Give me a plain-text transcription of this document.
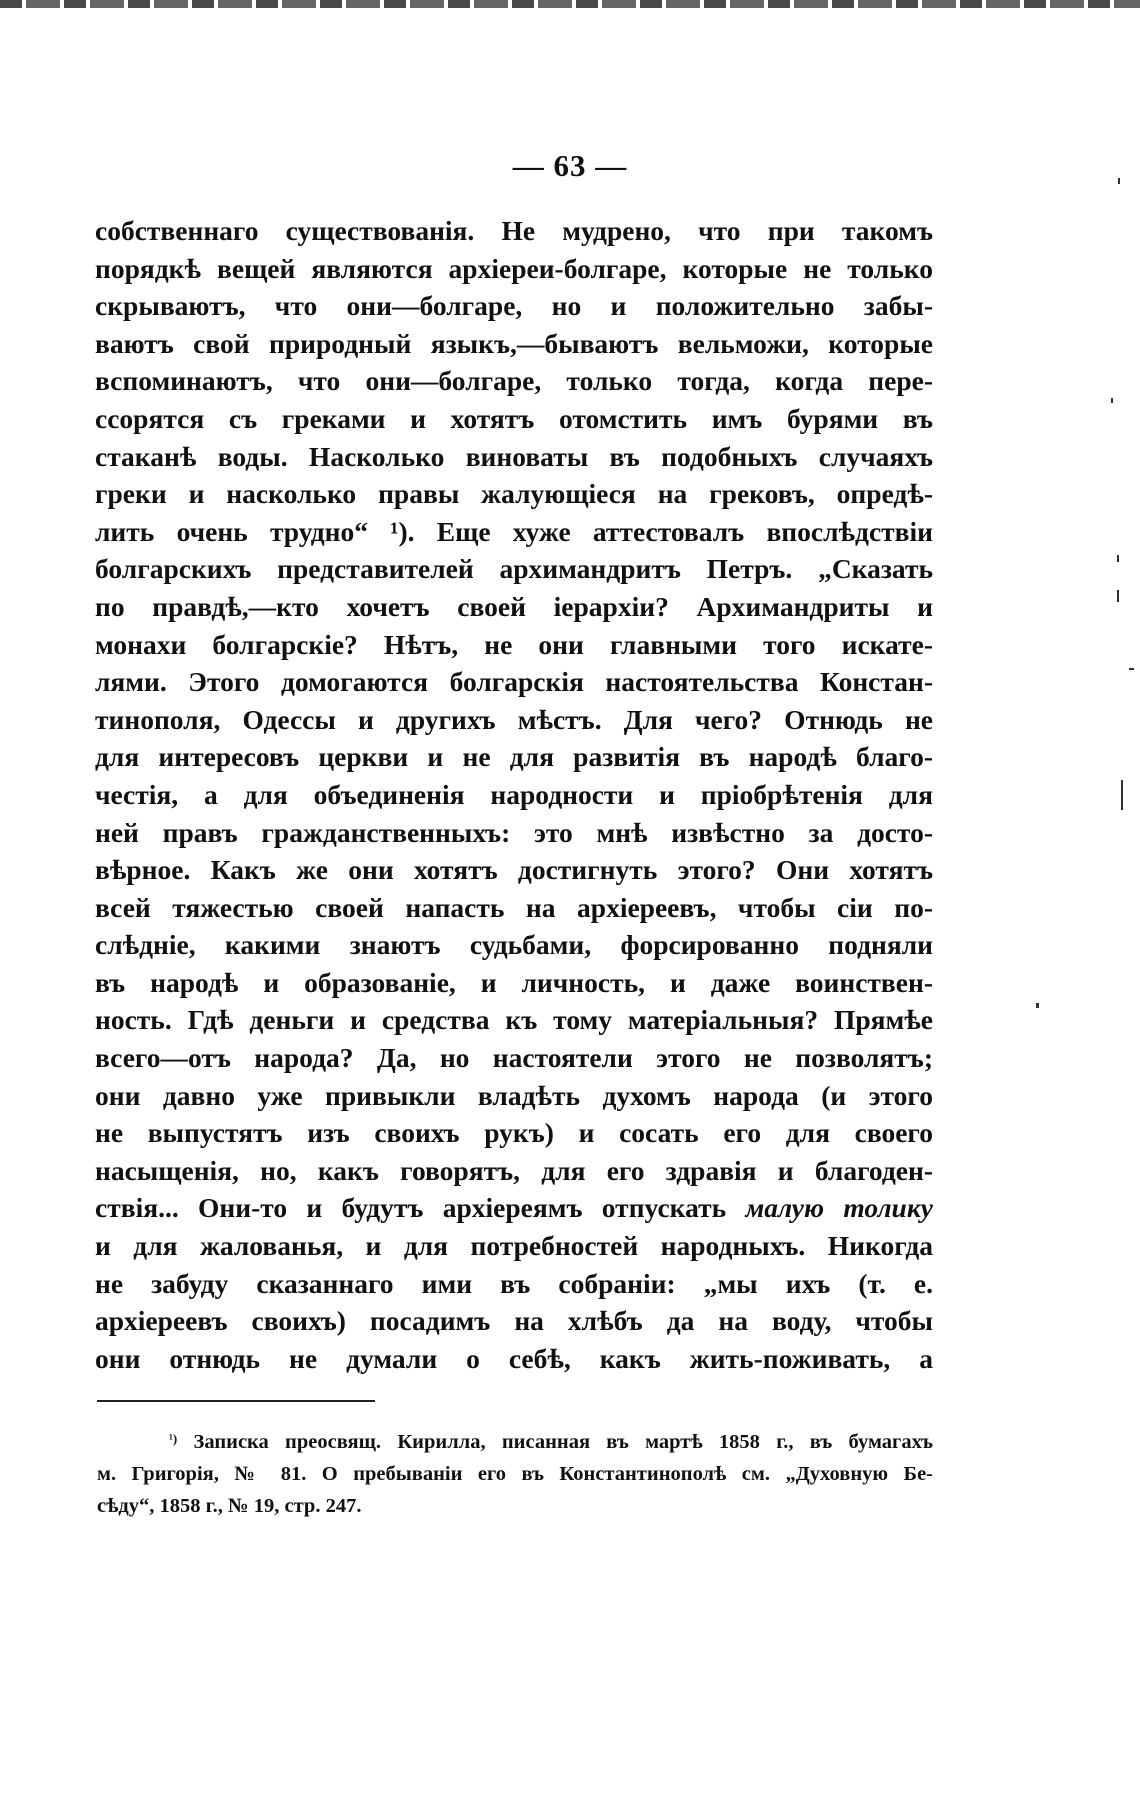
— 63 —
собственнаго существованія. Не мудрено, что при такомъ
порядкѣ вещей являются архіереи-болгаре, которые не только
скрываютъ, что они—болгаре, но и положительно забы-
ваютъ свой природный языкъ,—бываютъ вельможи, которые
вспоминаютъ, что они—болгаре, только тогда, когда пере-
ссорятся съ греками и хотятъ отомстить имъ бурями въ
стаканѣ воды. Насколько виноваты въ подобныхъ случаяхъ
греки и насколько правы жалующіеся на грековъ, опредѣ-
лить очень трудно“ ¹). Еще хуже аттестовалъ впослѣдствіи
болгарскихъ представителей архимандритъ Петръ. „Сказать
по правдѣ,—кто хочетъ своей іерархіи? Архимандриты и
монахи болгарскіе? Нѣтъ, не они главными того искате-
лями. Этого домогаются болгарскія настоятельства Констан-
тинополя, Одессы и другихъ мѣстъ. Для чего? Отнюдь не
для интересовъ церкви и не для развитія въ народѣ благо-
честія, а для объединенія народности и пріобрѣтенія для
ней правъ гражданственныхъ: это мнѣ извѣстно за досто-
вѣрное. Какъ же они хотятъ достигнуть этого? Они хотятъ
всей тяжестью своей напасть на архіереевъ, чтобы сіи по-
слѣдніе, какими знаютъ судьбами, форсированно подняли
въ народѣ и образованіе, и личность, и даже воинствен-
ность. Гдѣ деньги и средства къ тому матеріальныя? Прямѣе
всего—отъ народа? Да, но настоятели этого не позволятъ;
они давно уже привыкли владѣть духомъ народа (и этого
не выпустятъ изъ своихъ рукъ) и сосать его для своего
насыщенія, но, какъ говорятъ, для его здравія и благоден-
ствія... Они-то и будутъ архіереямъ отпускать малую толику
и для жалованья, и для потребностей народныхъ. Никогда
не забуду сказаннаго ими въ собраніи: „мы ихъ (т. е.
архіереевъ своихъ) посадимъ на хлѣбъ да на воду, чтобы
они отнюдь не думали о себѣ, какъ жить-поживать, а
$^{^1)}$ Записка преосвящ. Кирилла, писанная въ мартѣ 1858 г., въ бумагахъ
м. Григорія, № 81. О пребываніи его въ Константинополѣ см. „Духовную Бе-
сѣду“, 1858 г., № 19, стр. 247.
